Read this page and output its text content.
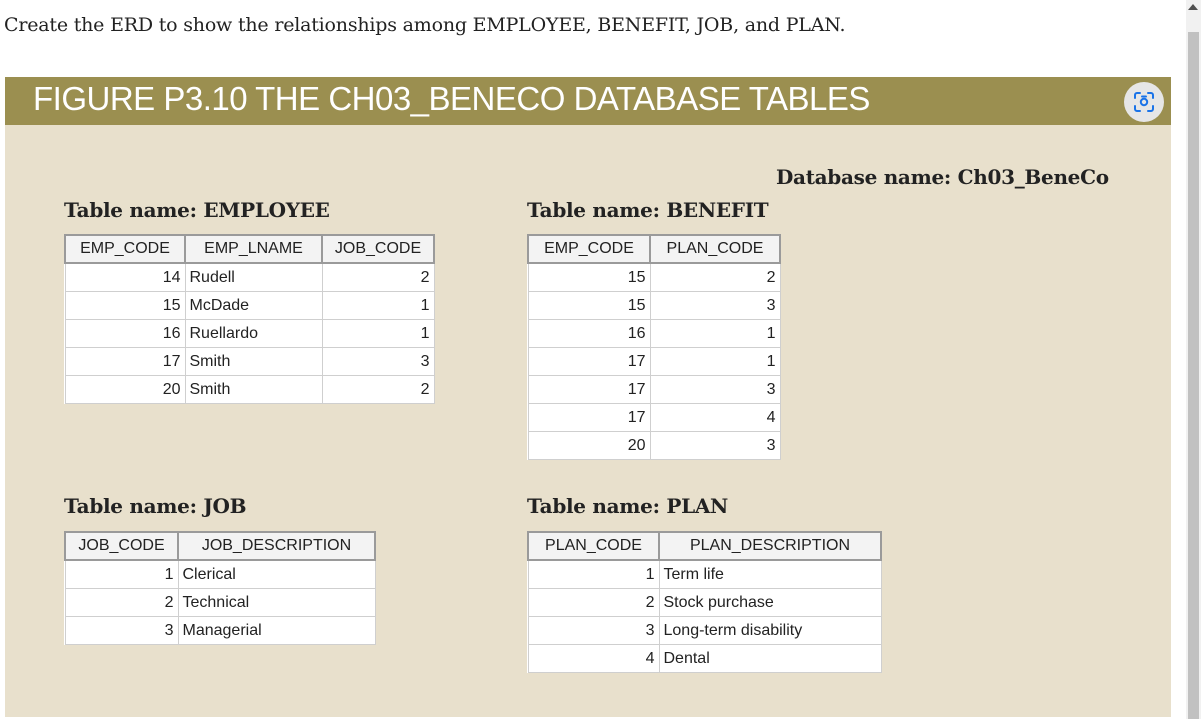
Create the ERD to show the relationships among EMPLOYEE, BENEFIT, JOB, and PLAN.
FIGURE P3.10 THE CH03_BENECO DATABASE TABLES
Database name: Ch03_BeneCo
Table name: EMPLOYEE
EMP_CODE	EMP_LNAME	JOB_CODE
14	Rudell	2
15	McDade	1
16	Ruellardo	1
17	Smith	3
20	Smith	2
Table name: BENEFIT
EMP_CODE	PLAN_CODE
15	2
15	3
16	1
17	1
17	3
17	4
20	3
Table name: JOB
JOB_CODE	JOB_DESCRIPTION
1	Clerical
2	Technical
3	Managerial
Table name: PLAN
PLAN_CODE	PLAN_DESCRIPTION
1	Term life
2	Stock purchase
3	Long-term disability
4	Dental
